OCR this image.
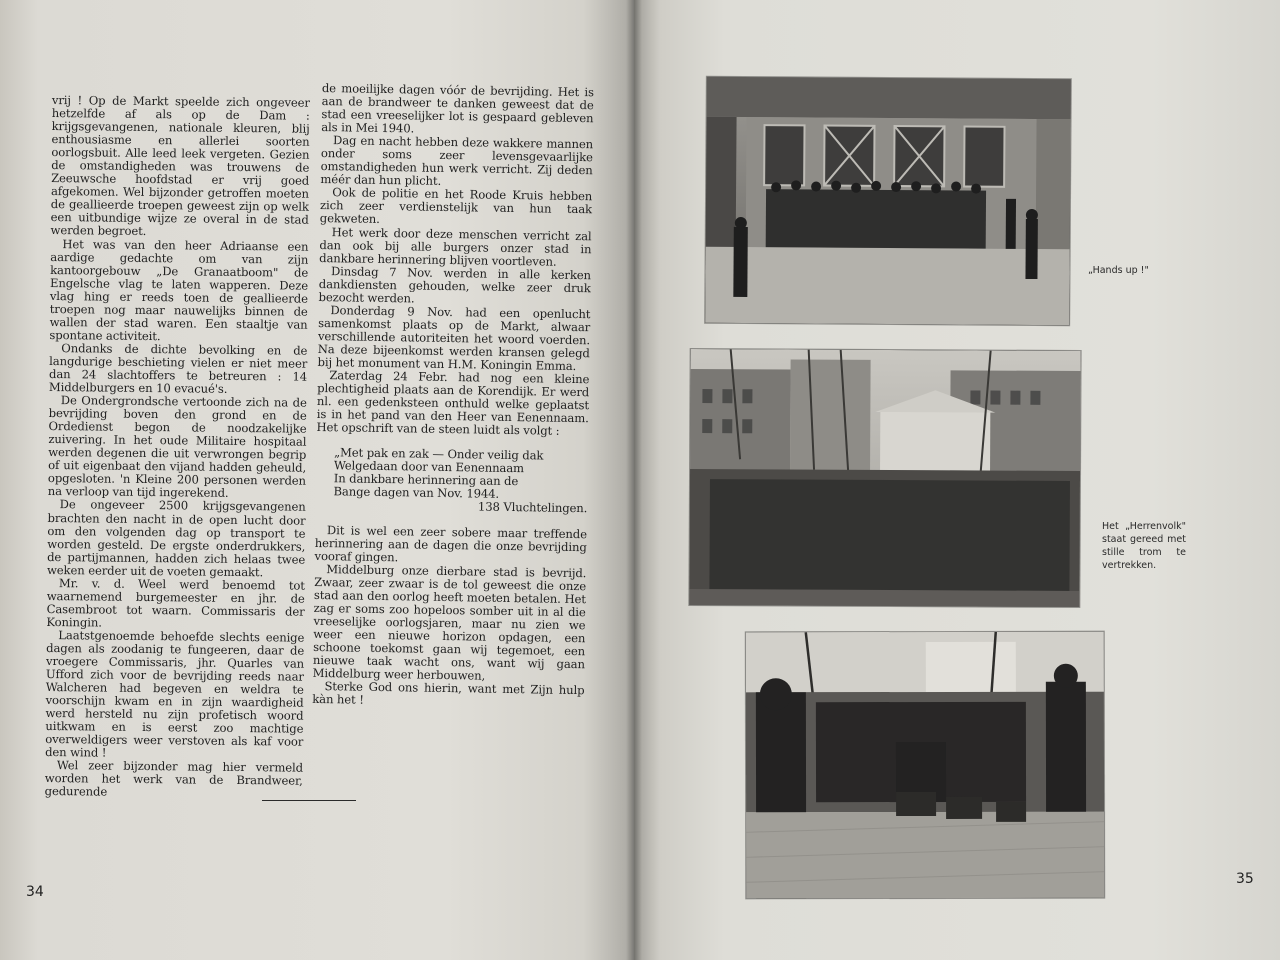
vrij ! Op de Markt speelde zich ongeveer hetzelfde af als op de Dam : krijgsgevangenen, nationale kleuren, blij enthousiasme en allerlei soorten oorlogsbuit. Alle leed leek vergeten. Gezien de omstandigheden was trouwens de Zeeuwsche hoofdstad er vrij goed afgekomen. Wel bijzonder getroffen moeten de geallieerde troepen geweest zijn op welk een uitbundige wijze ze overal in de stad werden begroet.

Het was van den heer Adriaanse een aardige gedachte om van zijn kantoorgebouw „De Granaatboom" de Engelsche vlag te laten wapperen. Deze vlag hing er reeds toen de geallieerde troepen nog maar nauwelijks binnen de wallen der stad waren. Een staaltje van spontane activiteit.

Ondanks de dichte bevolking en de langdurige beschieting vielen er niet meer dan 24 slachtoffers te betreuren : 14 Middelburgers en 10 evacué's.

De Ondergrondsche vertoonde zich na de bevrijding boven den grond en de Ordedienst begon de noodzakelijke zuivering. In het oude Militaire hospitaal werden degenen die uit verwrongen begrip of uit eigenbaat den vijand hadden geheuld, opgesloten. 'n Kleine 200 personen werden na verloop van tijd ingerekend.

De ongeveer 2500 krijgsgevangenen brachten den nacht in de open lucht door om den volgenden dag op transport te worden gesteld. De ergste onderdrukkers, de partijmannen, hadden zich helaas twee weken eerder uit de voeten gemaakt.

Mr. v. d. Weel werd benoemd tot waarnemend burgemeester en jhr. de Casembroot tot waarn. Commissaris der Koningin.

Laatstgenoemde behoefde slechts eenige dagen als zoodanig te fungeeren, daar de vroegere Commissaris, jhr. Quarles van Ufford zich voor de bevrijding reeds naar Walcheren had begeven en weldra te voorschijn kwam en in zijn waardigheid werd hersteld nu zijn profetisch woord uitkwam en is eerst zoo machtige overweldigers weer verstoven als kaf voor den wind !

Wel zeer bijzonder mag hier vermeld worden het werk van de Brandweer, gedurende

de moeilijke dagen vóór de bevrijding. Het is aan de brandweer te danken geweest dat de stad een vreeselijker lot is gespaard gebleven als in Mei 1940.

Dag en nacht hebben deze wakkere mannen onder soms zeer levensgevaarlijke omstandigheden hun werk verricht. Zij deden méér dan hun plicht.

Ook de politie en het Roode Kruis hebben zich zeer verdienstelijk van hun taak gekweten.

Het werk door deze menschen verricht zal dan ook bij alle burgers onzer stad in dankbare herinnering blijven voortleven.

Dinsdag 7 Nov. werden in alle kerken dankdiensten gehouden, welke zeer druk bezocht werden.

Donderdag 9 Nov. had een openlucht samenkomst plaats op de Markt, alwaar verschillende autoriteiten het woord voerden. Na deze bijeenkomst werden kransen gelegd bij het monument van H.M. Koningin Emma.

Zaterdag 24 Febr. had nog een kleine plechtigheid plaats aan de Korendijk. Er werd nl. een gedenksteen onthuld welke geplaatst is in het pand van den Heer van Eenennaam. Het opschrift van de steen luidt als volgt :

„Met pak en zak — Onder veilig dak
Welgedaan door van Eenennaam
In dankbare herinnering aan de
Bange dagen van Nov. 1944.
138 Vluchtelingen.

Dit is wel een zeer sobere maar treffende herinnering aan de dagen die onze bevrijding vooraf gingen.

Middelburg onze dierbare stad is bevrijd. Zwaar, zeer zwaar is de tol geweest die onze stad aan den oorlog heeft moeten betalen. Het zag er soms zoo hopeloos somber uit in al die vreeselijke oorlogsjaren, maar nu zien we weer een nieuwe horizon opdagen, een schoone toekomst gaan wij tegemoet, een nieuwe taak wacht ons, want wij gaan Middelburg weer herbouwen,

Sterke God ons hierin, want met Zijn hulp kàn het !

34
„Hands up !"
Het „Herrenvolk" staat gereed met stille trom te vertrekken.
35
